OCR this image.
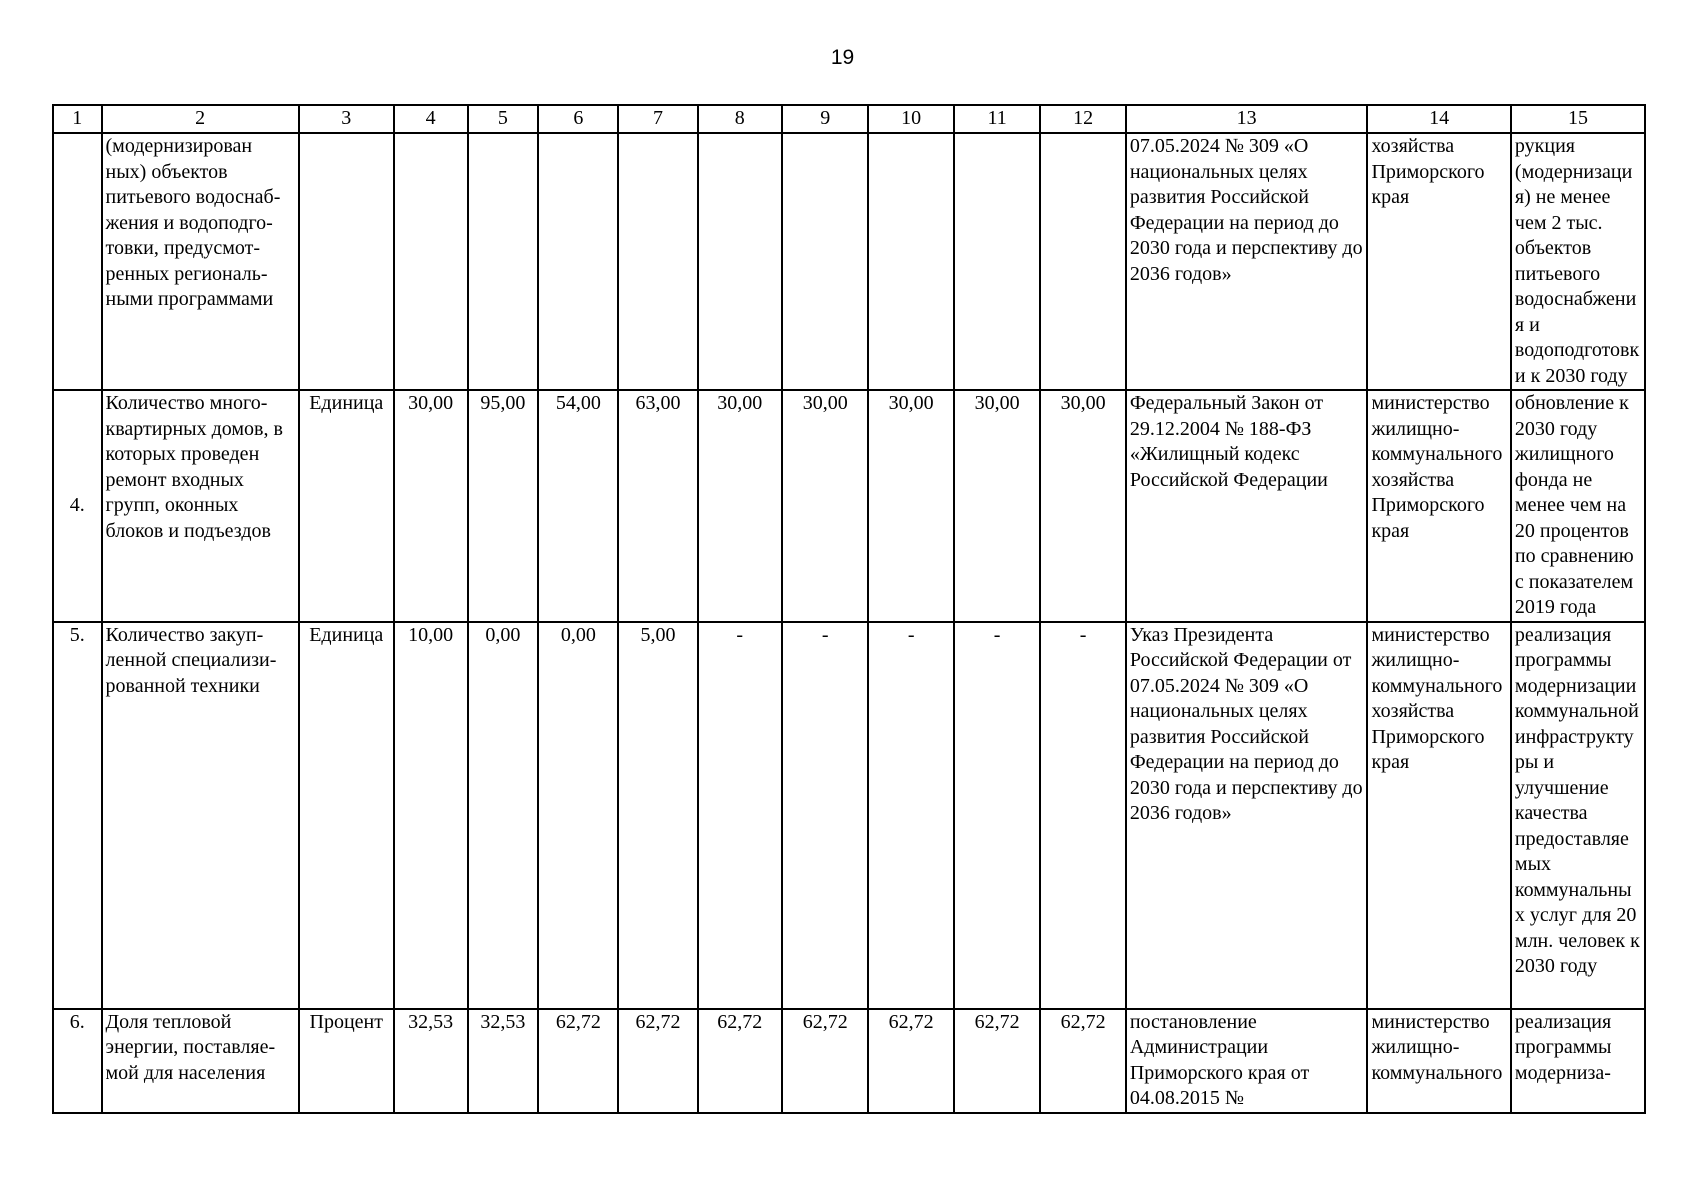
19
1	2	3	4	5	6	7	8	9	10	11	12	13	14	15
	(модернизирован ных) объектов питьевого водоснабжения и водоподготовки, предусмотренных региональными программами											07.05.2024 № 309 «О национальных целях развития Российской Федерации на период до 2030 года и перспективу до 2036 годов»	хозяйства Приморского края	рукция (модернизация) не менее чем 2 тыс. объектов питьевого водоснабжения и водоподготовки к 2030 году
4.	Количество многоквартирных домов, в которых проведен ремонт входных групп, оконных блоков и подъездов	Единица	30,00	95,00	54,00	63,00	30,00	30,00	30,00	30,00	30,00	Федеральный Закон от 29.12.2004 № 188-ФЗ «Жилищный кодекс Российской Федерации	министерство жилищно-коммунального хозяйства Приморского края	обновление к 2030 году жилищного фонда не менее чем на 20 процентов по сравнению с показателем 2019 года
5.	Количество закупленной специализированной техники	Единица	10,00	0,00	0,00	5,00	-	-	-	-	-	Указ Президента Российской Федерации от 07.05.2024 № 309 «О национальных целях развития Российской Федерации на период до 2030 года и перспективу до 2036 годов»	министерство жилищно-коммунального хозяйства Приморского края	реализация программы модернизации коммунальной инфраструктуры и улучшение качества предоставляемых коммунальных услуг для 20 млн. человек к 2030 году
6.	Доля тепловой энергии, поставляемой для населения	Процент	32,53	32,53	62,72	62,72	62,72	62,72	62,72	62,72	62,72	постановление Администрации Приморского края от 04.08.2015 №	министерство жилищно-коммунального	реализация программы модерниза-
